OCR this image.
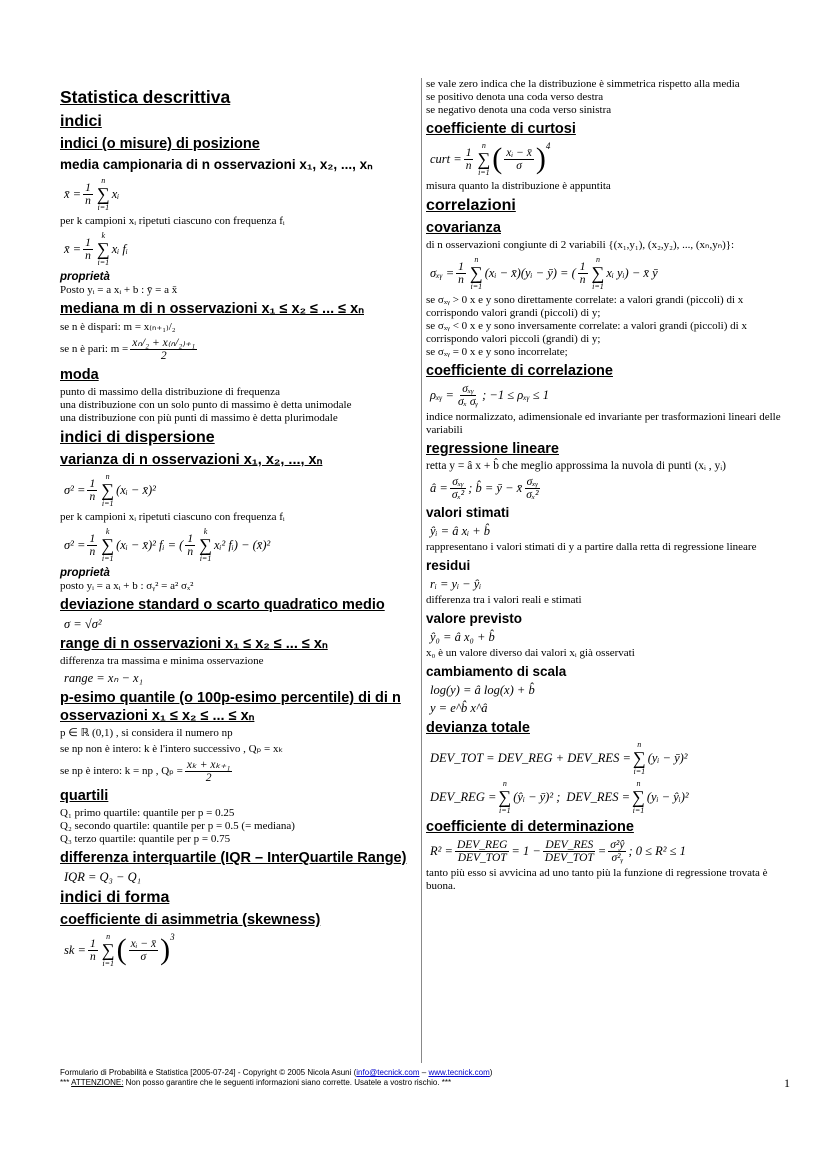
Statistica descrittiva
indici
indici (o misure) di posizione
media campionaria di n osservazioni x₁, x₂, ..., xₙ
x̄ = $\frac{1}{n}$
n
∑
i=1
xᵢ

per k campioni xᵢ ripetuti ciascuno con frequenza fᵢ

x̄ = $\frac{1}{n}$
k
∑
i=1
xᵢ fᵢ
proprietà

Posto yᵢ = a xᵢ + b : ȳ = a x̄

mediana m di n osservazioni x₁ ≤ x₂ ≤ ... ≤ xₙ

se n è dispari: m = x₍ₙ₊₁₎/₂

se n è pari: $m = \frac{\text{xₙ/₂ + x₍ₙ/₂₎₊₁}}{2}$
moda

punto di massimo della distribuzione di frequenza

una distribuzione con un solo punto di massimo è detta unimodale

una distribuzione con più punti di massimo è detta plurimodale

indici di dispersione
varianza di n osservazioni x₁, x₂, ..., xₙ
$\sigma^2 = \frac{1}{n}$
n
∑
i=1
(xᵢ − x̄)²

per k campioni xᵢ ripetuti ciascuno con frequenza fᵢ

$\sigma^2 = \frac{1}{n}$
k
∑
i=1
(xᵢ − x̄)² fᵢ = ( $\frac{1}{n}$
k
∑
i=1
xᵢ² fᵢ) − (x̄)²
proprietà

posto yᵢ = a xᵢ + b : σᵧ² = a² σₓ²

deviazione standard o scarto quadratico medio

σ = √σ²

range di n osservazioni x₁ ≤ x₂ ≤ ... ≤ xₙ

differenza tra massima e minima osservazione

range = xₙ − x₁

p-esimo quantile (o 100p-esimo percentile) di di n osservazioni x₁ ≤ x₂ ≤ ... ≤ xₙ

p ∈ ℝ (0,1) , si considera il numero np

se np non è intero: k è l'intero successivo , Qₚ = xₖ

se np è intero: k = np , $Q_p = \frac{\text{xₖ + xₖ₊₁}}{2}$
quartili

Q₁ primo quartile: quantile per p = 0.25

Q₂ secondo quartile: quantile per p = 0.5 (= mediana)

Q₃ terzo quartile: quantile per p = 0.75

differenza interquartile (IQR – InterQuartile Range)

IQR = Q₃ − Q₁

indici di forma
coefficiente di asimmetria (skewness)
sk = $\frac{1}{n}$
n
∑
i=1 ( $\frac{\text{xᵢ − x̄}}{\sigma} )^3$

se vale zero indica che la distribuzione è simmetrica rispetto alla media

se positivo denota una coda verso destra

se negativo denota una coda verso sinistra

coefficiente di curtosi
curt = $\frac{1}{n}$
n
∑
i=1 ( $\frac{\text{xᵢ − x̄}}{\sigma} )^4$

misura quanto la distribuzione è appuntita

correlazioni
covarianza

di n osservazioni congiunte di 2 variabili {(x₁,y₁), (x₂,y₂), ..., (xₙ,yₙ)}:

σₓᵧ = $\frac{1}{n}$
n
∑
i=1
(xᵢ − x̄)(yᵢ − ȳ) = ( $\frac{1}{n}$
n
∑
i=1
xᵢ yᵢ) − x̄ ȳ

se σₓᵧ > 0 x e y sono direttamente correlate: a valori grandi (piccoli) di x corrispondo valori grandi (piccoli) di y;

se σₓᵧ < 0 x e y sono inversamente correlate: a valori grandi (piccoli) di x corrispondo valori piccoli (grandi) di y;

se σₓᵧ = 0 x e y sono incorrelate;

coefficiente di correlazione
ρₓᵧ = $\frac{\text{σₓᵧ}}{\text{σₓ σᵧ}}$ ; −1 ≤ ρₓᵧ ≤ 1

indice normalizzato, adimensionale ed invariante per trasformazioni lineari delle variabili

regressione lineare

retta y = â x + b̂ che meglio approssima la nuvola di punti (xᵢ , yᵢ)

â = $\frac{\text{σₓᵧ}}{\text{σₓ²}}$ ; b̂ = ȳ − x̄ $\frac{\text{σₓᵧ}}{\text{σₓ²}}$
valori stimati

ŷᵢ = â xᵢ + b̂

rappresentano i valori stimati di y a partire dalla retta di regressione lineare

residui

rᵢ = yᵢ − ŷᵢ

differenza tra i valori reali e stimati

valore previsto

ŷ₀ = â x₀ + b̂

x₀ è un valore diverso dai valori xᵢ già osservati

cambiamento di scala

log(y) = â log(x) + b̂

y = e^b̂ x^â

devianza totale
DEV_TOT = DEV_REG + DEV_RES =
n
∑
i=1
(yᵢ − ȳ)²
DEV_REG =
n
∑
i=1
(ŷᵢ − ȳ)² ; DEV_RES =
n
∑
i=1
(yᵢ − ŷᵢ)²
coefficiente di determinazione
$R^2 = \frac{\text{DEV\_REG}}{\text{DEV\_TOT}} = 1 - \frac{\text{DEV\_RES}}{\text{DEV\_TOT}} = \frac{\text{σ²ŷ}}{\text{σ²ᵧ}}$ ; 0 ≤ R² ≤ 1

tanto più esso si avvicina ad uno tanto più la funzione di regressione trovata è buona.

Formulario di Probabilità e Statistica [2005-07-24] - Copyright © 2005 Nicola Asuni (info@tecnick.com – www.tecnick.com)
*** ATTENZIONE: Non posso garantire che le seguenti informazioni siano corrette. Usatele a vostro rischio. ***	1
